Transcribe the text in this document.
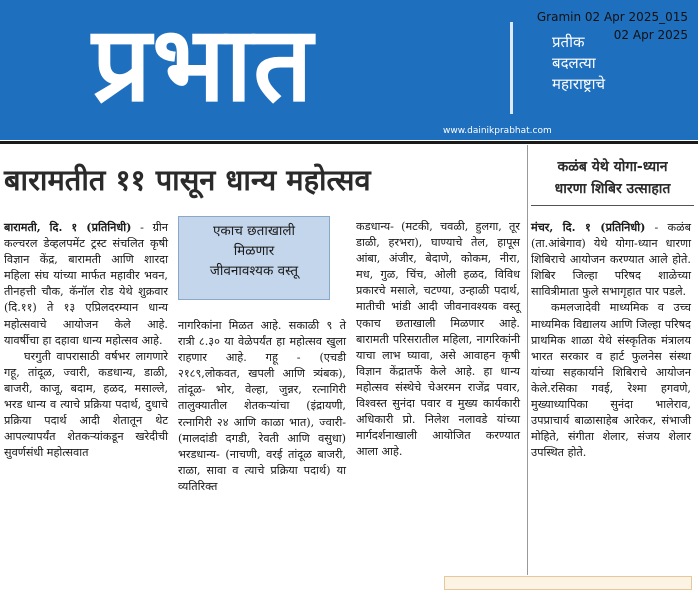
प्रभात	प्रतीक
बदलत्या
महाराष्ट्राचे
www.dainikprabhat.com
Gramin 02 Apr 2025_015
02 Apr 2025
बारामतीत ११ पासून धान्य महोत्सव

बारामती, दि. १ (प्रतिनिधी) - ग्रीन कल्चरल डेव्हलपमेंट ट्रस्ट संचलित कृषी विज्ञान केंद्र, बारामती आणि शारदा महिला संघ यांच्या मार्फत महावीर भवन, तीनहत्ती चौक, कॅनॉल रोड येथे शुक्रवार (दि.११) ते १३ एप्रिलदरम्यान धान्य महोत्सवाचे आयोजन केले आहे. यावर्षीचा हा दहावा धान्य महोत्सव आहे.

घरगुती वापरासाठी वर्षभर लागणारे गहू, तांदूळ, ज्वारी, कडधान्य, डाळी, बाजरी, काजू, बदाम, हळद, मसाल्ले, भरड धान्य व त्याचे प्रक्रिया पदार्थ, दुधाचे प्रक्रिया पदार्थ आदी शेतातून थेट आपल्यापर्यंत शेतकऱ्यांकडून खरेदीची सुवर्णसंधी महोत्सवात

एकाच छताखाली
मिळणार
जीवनावश्यक वस्तू

नागरिकांना मिळत आहे. सकाळी ९ ते रात्री ८.३० या वेळेपर्यंत हा महोत्सव खुला राहणार आहे. गहू - (एचडी २१८९,लोकवत, खपली आणि त्र्यंबक), तांदूळ- भोर, वेल्हा, जुन्नर, रत्नागिरी तालुक्यातील शेतकऱ्यांचा (इंद्रायणी, रत्नागिरी २४ आणि काळा भात), ज्वारी- (मालदांडी दगडी, रेवती आणि वसुधा) भरडधान्य- (नाचणी, वरई तांदूळ बाजरी, राळा, सावा व त्याचे प्रक्रिया पदार्थ) या व्यतिरिक्त

कडधान्य- (मटकी, चवळी, हुलगा, तूर डाळी, हरभरा), घाण्याचे तेल, हापूस आंबा, अंजीर, बेदाणे, कोकम, नीरा, मध, गुळ, चिंच, ओली हळद, विविध प्रकारचे मसाले, चटण्या, उन्हाळी पदार्थ, मातीची भांडी आदी जीवनावश्यक वस्तू एकाच छताखाली मिळणार आहे. बारामती परिसरातील महिला, नागरिकांनी याचा लाभ घ्यावा, असे आवाहन कृषी विज्ञान केंद्रातर्फे केले आहे. हा धान्य महोत्सव संस्थेचे चेअरमन राजेंद्र पवार, विश्वस्त सुनंदा पवार व मुख्य कार्यकारी अधिकारी प्रो. निलेश नलावडे यांच्या मार्गदर्शनाखाली आयोजित करण्यात आला आहे.

कळंब येथे योगा-ध्यान
धारणा शिबिर उत्साहात

मंचर, दि. १ (प्रतिनिधी) - कळंब (ता.आंबेगाव) येथे योगा-ध्यान धारणा शिबिराचे आयोजन करण्यात आले होते. शिबिर जिल्हा परिषद शाळेच्या सावित्रीमाता फुले सभागृहात पार पडले.

कमलजादेवी माध्यमिक व उच्च माध्यमिक विद्यालय आणि जिल्हा परिषद प्राथमिक शाळा येथे संस्कृतिक मंत्रालय भारत सरकार व हार्ट फुलनेस संस्था यांच्या सहकार्याने शिबिराचे आयोजन केले.रसिका गवई, रेश्मा हगवणे, मुख्याध्यापिका सुनंदा भालेराव, उपप्राचार्य बाळासाहेब आरेकर, संभाजी मोहिते, संगीता शेलार, संजय शेलार उपस्थित होते.
